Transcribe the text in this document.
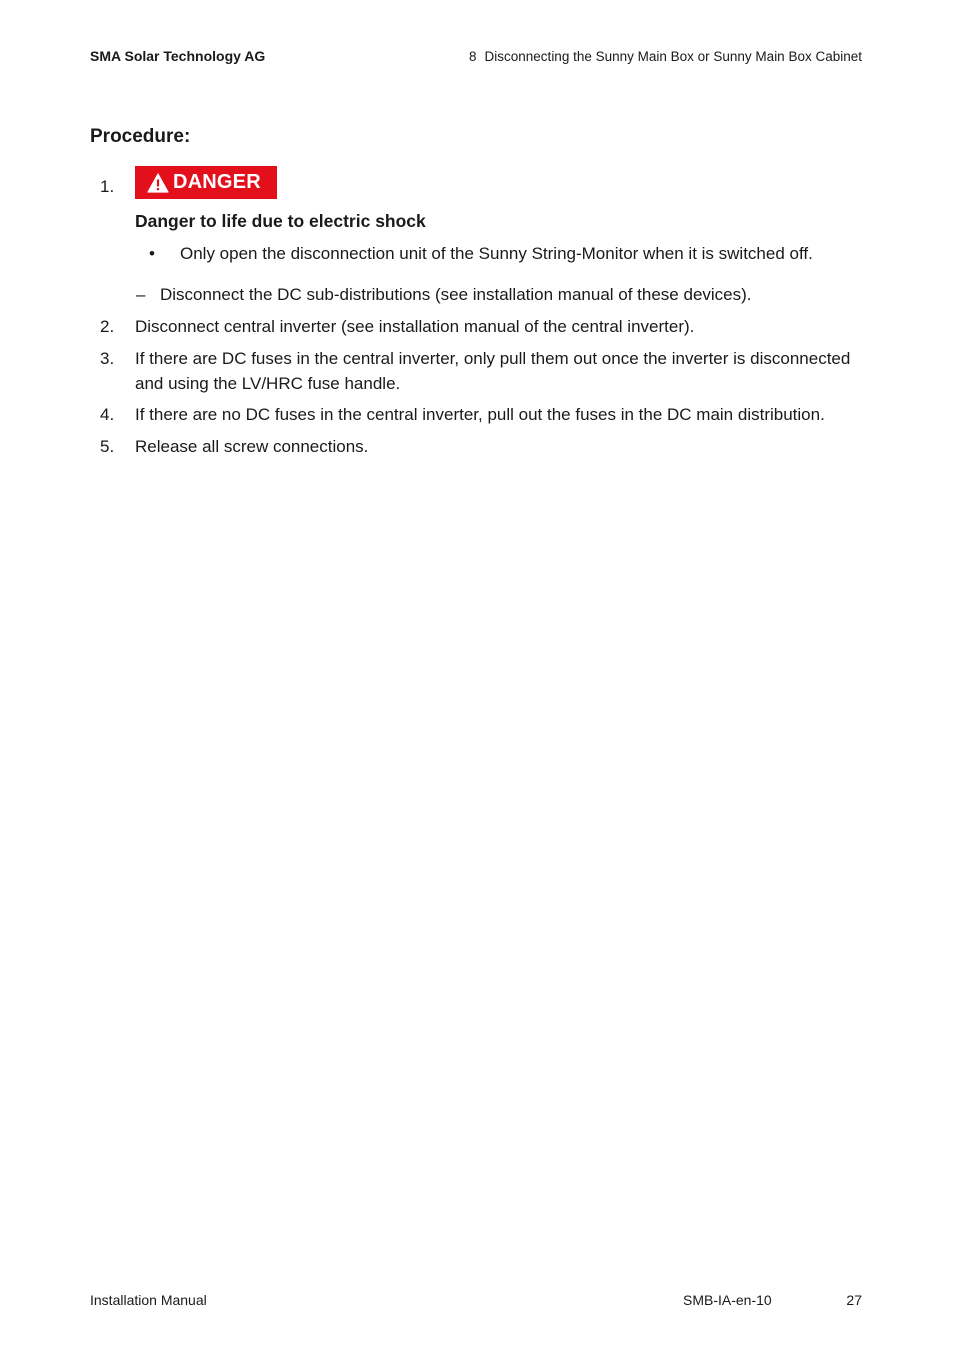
SMA Solar Technology AG	8 Disconnecting the Sunny Main Box or Sunny Main Box Cabinet
Procedure:
1.	DANGER
Danger to life due to electric shock
• Only open the disconnection unit of the Sunny String-Monitor when it is switched off.
– Disconnect the DC sub-distributions (see installation manual of these devices).
2. Disconnect central inverter (see installation manual of the central inverter).
3. If there are DC fuses in the central inverter, only pull them out once the inverter is disconnected and using the LV/HRC fuse handle.
4. If there are no DC fuses in the central inverter, pull out the fuses in the DC main distribution.
5. Release all screw connections.
Installation Manual	SMB-IA-en-10	27
